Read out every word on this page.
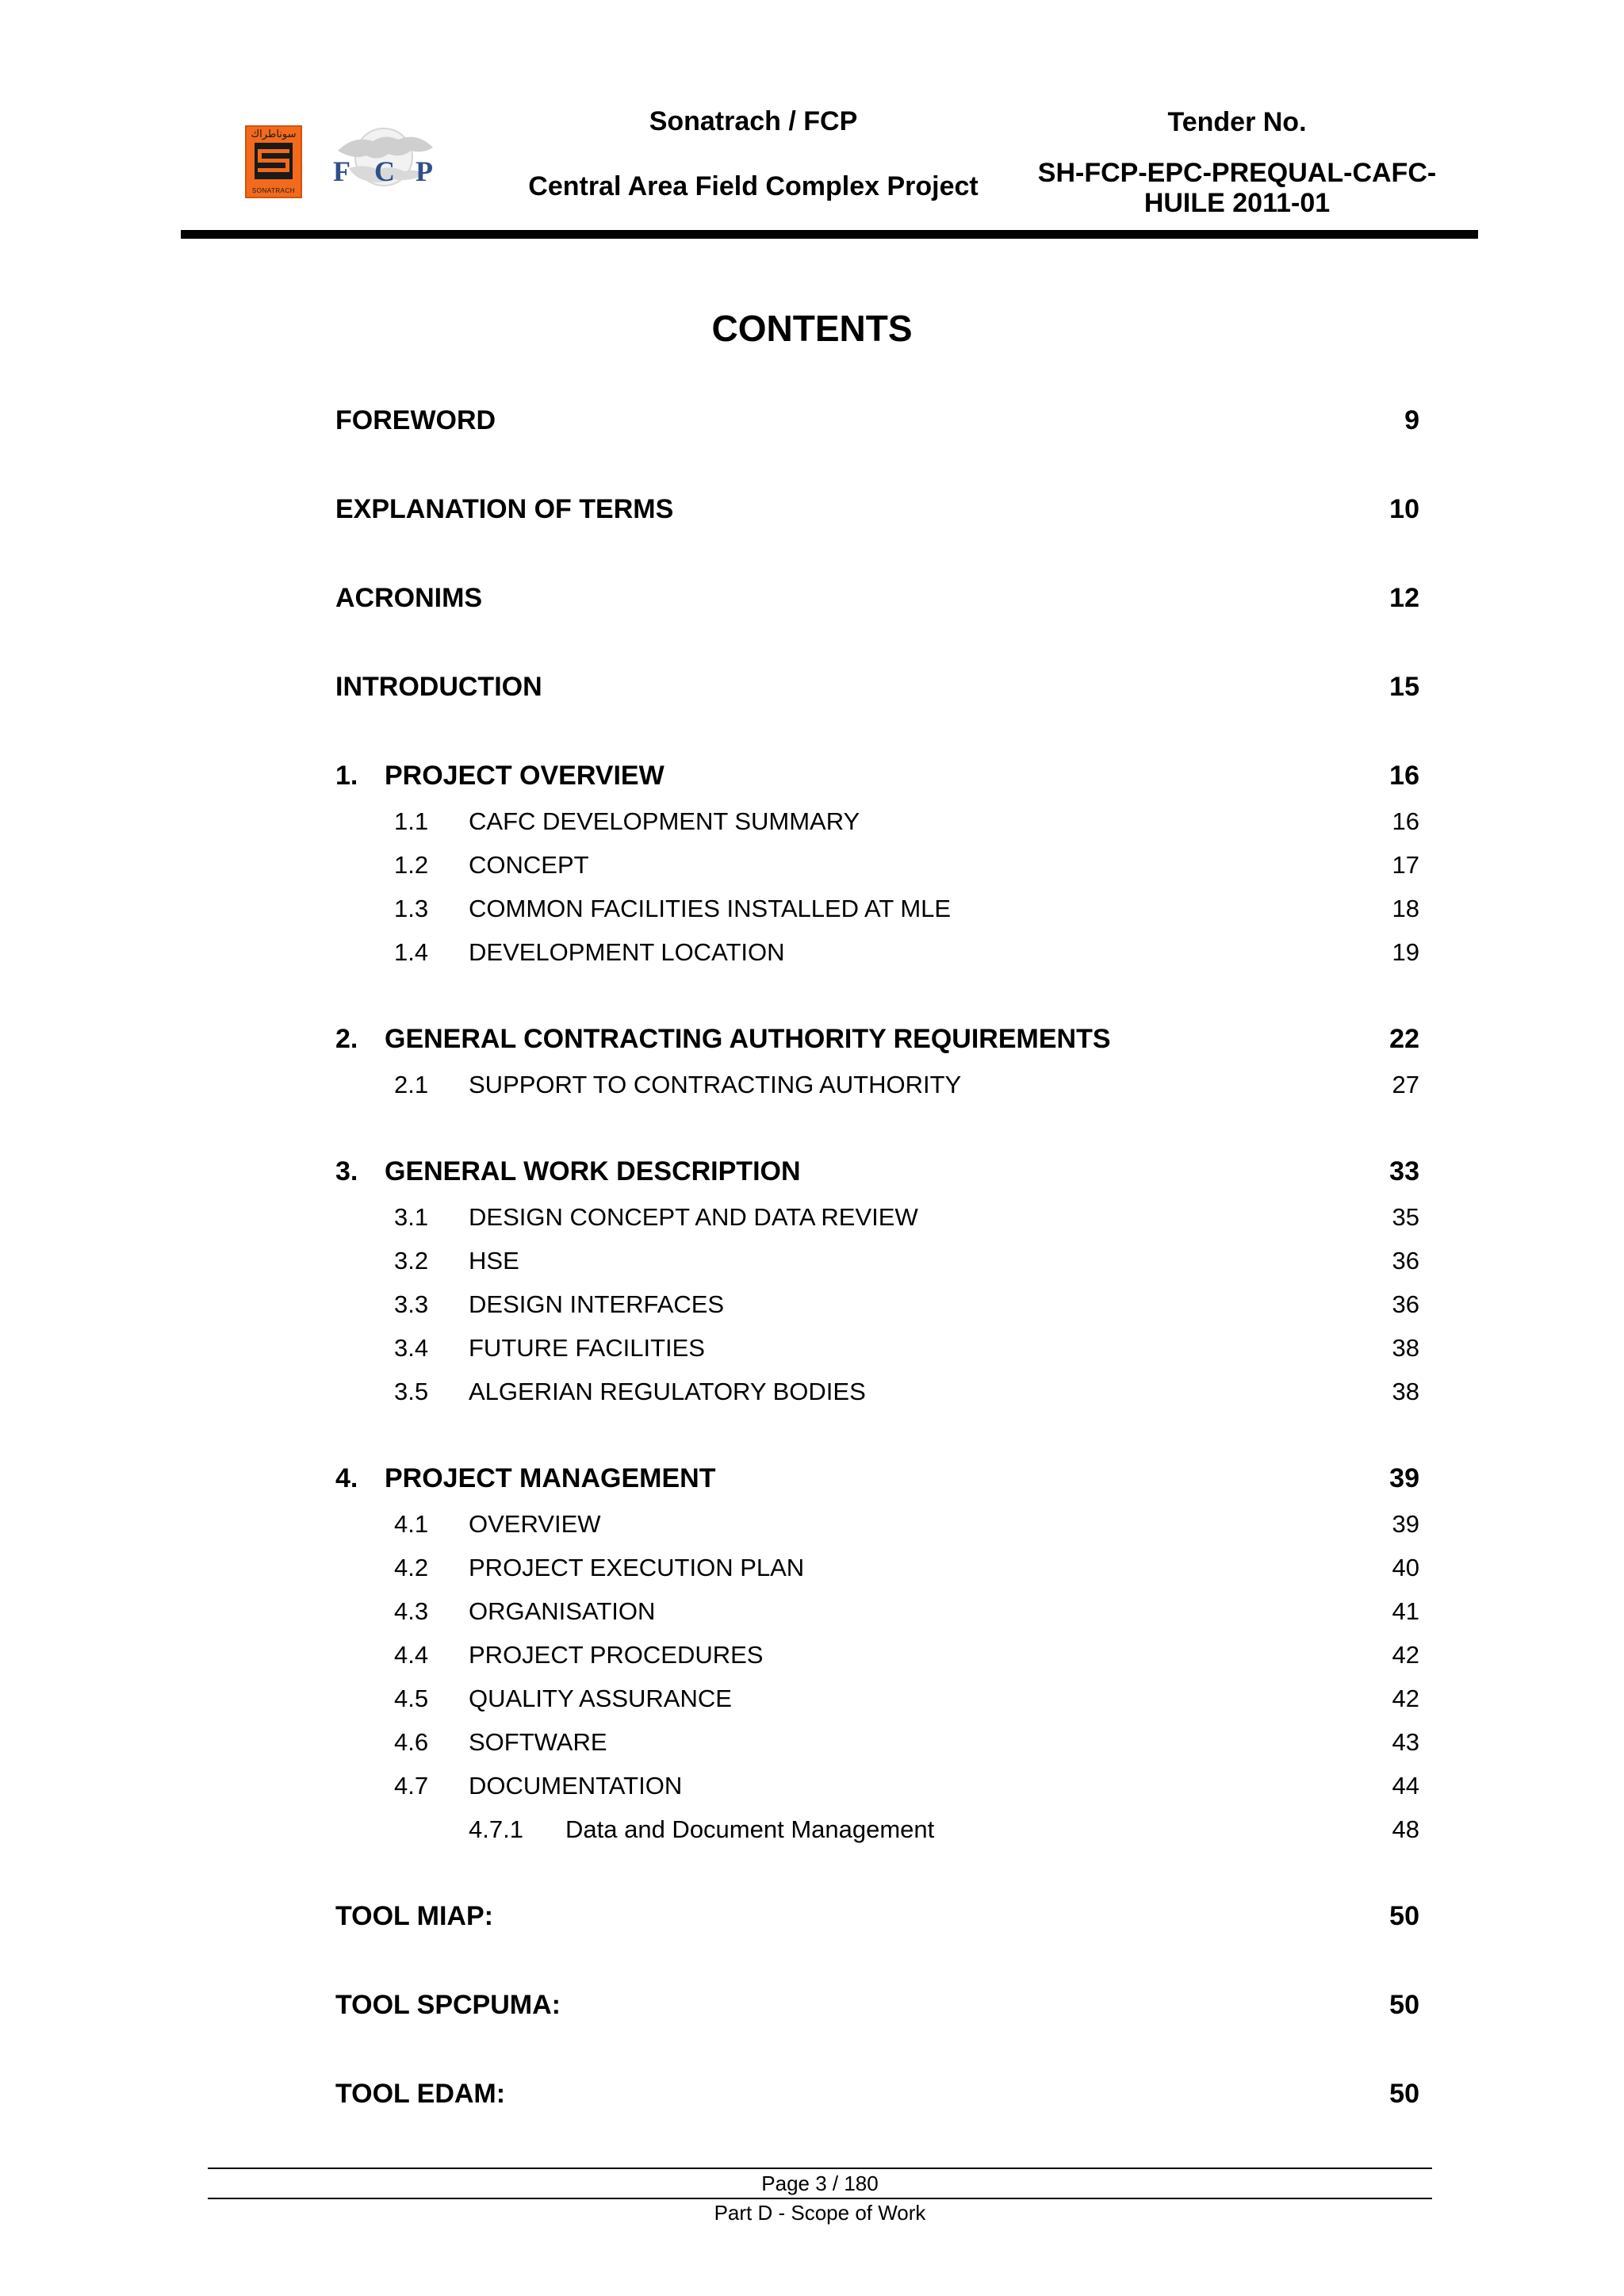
سوناطراك
SONATRACH
F C P
Sonatrach / FCP
Central Area Field Complex Project
Tender No.
SH-FCP-EPC-PREQUAL-CAFC-
HUILE 2011-01
CONTENTS
FOREWORD	9
EXPLANATION OF TERMS	10
ACRONIMS	12
INTRODUCTION	15
1. PROJECT OVERVIEW	16
1.1 CAFC DEVELOPMENT SUMMARY	16
1.2 CONCEPT	17
1.3 COMMON FACILITIES INSTALLED AT MLE	18
1.4 DEVELOPMENT LOCATION	19
2. GENERAL CONTRACTING AUTHORITY REQUIREMENTS	22
2.1 SUPPORT TO CONTRACTING AUTHORITY	27
3. GENERAL WORK DESCRIPTION	33
3.1 DESIGN CONCEPT AND DATA REVIEW	35
3.2 HSE	36
3.3 DESIGN INTERFACES	36
3.4 FUTURE FACILITIES	38
3.5 ALGERIAN REGULATORY BODIES	38
4. PROJECT MANAGEMENT	39
4.1 OVERVIEW	39
4.2 PROJECT EXECUTION PLAN	40
4.3 ORGANISATION	41
4.4 PROJECT PROCEDURES	42
4.5 QUALITY ASSURANCE	42
4.6 SOFTWARE	43
4.7 DOCUMENTATION	44
4.7.1 Data and Document Management	48
TOOL MIAP:	50
TOOL SPCPUMA:	50
TOOL EDAM:	50
Page 3 / 180
Part D - Scope of Work
